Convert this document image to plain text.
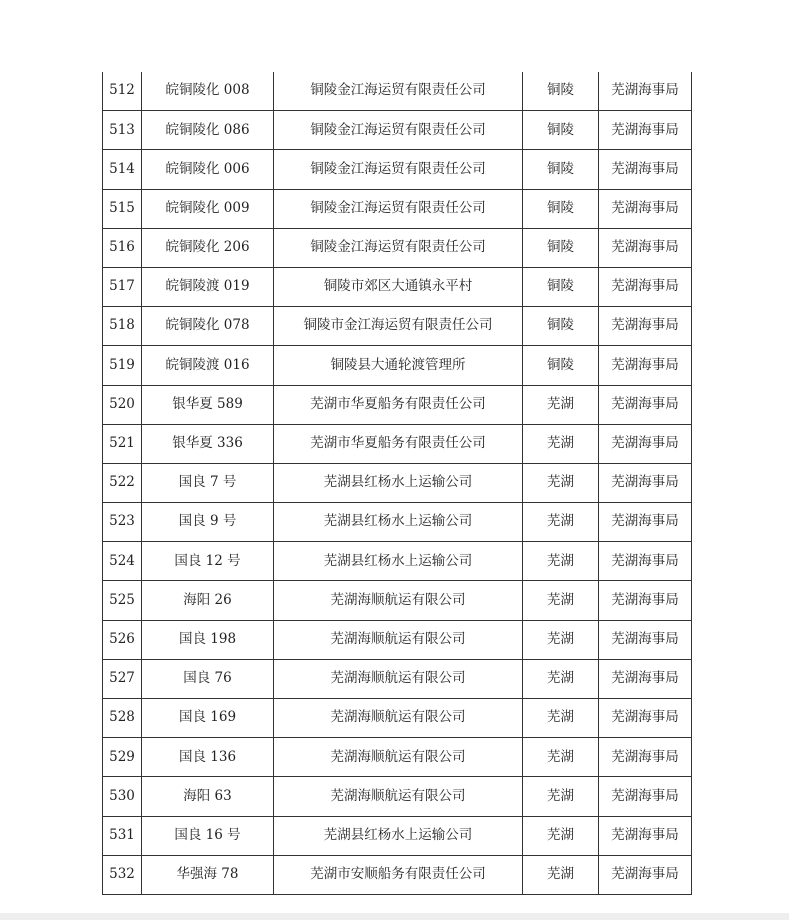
512	皖铜陵化 008	铜陵金江海运贸有限责任公司	铜陵	芜湖海事局
513	皖铜陵化 086	铜陵金江海运贸有限责任公司	铜陵	芜湖海事局
514	皖铜陵化 006	铜陵金江海运贸有限责任公司	铜陵	芜湖海事局
515	皖铜陵化 009	铜陵金江海运贸有限责任公司	铜陵	芜湖海事局
516	皖铜陵化 206	铜陵金江海运贸有限责任公司	铜陵	芜湖海事局
517	皖铜陵渡 019	铜陵市郊区大通镇永平村	铜陵	芜湖海事局
518	皖铜陵化 078	铜陵市金江海运贸有限责任公司	铜陵	芜湖海事局
519	皖铜陵渡 016	铜陵县大通轮渡管理所	铜陵	芜湖海事局
520	银华夏 589	芜湖市华夏船务有限责任公司	芜湖	芜湖海事局
521	银华夏 336	芜湖市华夏船务有限责任公司	芜湖	芜湖海事局
522	国良 7 号	芜湖县红杨水上运输公司	芜湖	芜湖海事局
523	国良 9 号	芜湖县红杨水上运输公司	芜湖	芜湖海事局
524	国良 12 号	芜湖县红杨水上运输公司	芜湖	芜湖海事局
525	海阳 26	芜湖海顺航运有限公司	芜湖	芜湖海事局
526	国良 198	芜湖海顺航运有限公司	芜湖	芜湖海事局
527	国良 76	芜湖海顺航运有限公司	芜湖	芜湖海事局
528	国良 169	芜湖海顺航运有限公司	芜湖	芜湖海事局
529	国良 136	芜湖海顺航运有限公司	芜湖	芜湖海事局
530	海阳 63	芜湖海顺航运有限公司	芜湖	芜湖海事局
531	国良 16 号	芜湖县红杨水上运输公司	芜湖	芜湖海事局
532	华强海 78	芜湖市安顺船务有限责任公司	芜湖	芜湖海事局
